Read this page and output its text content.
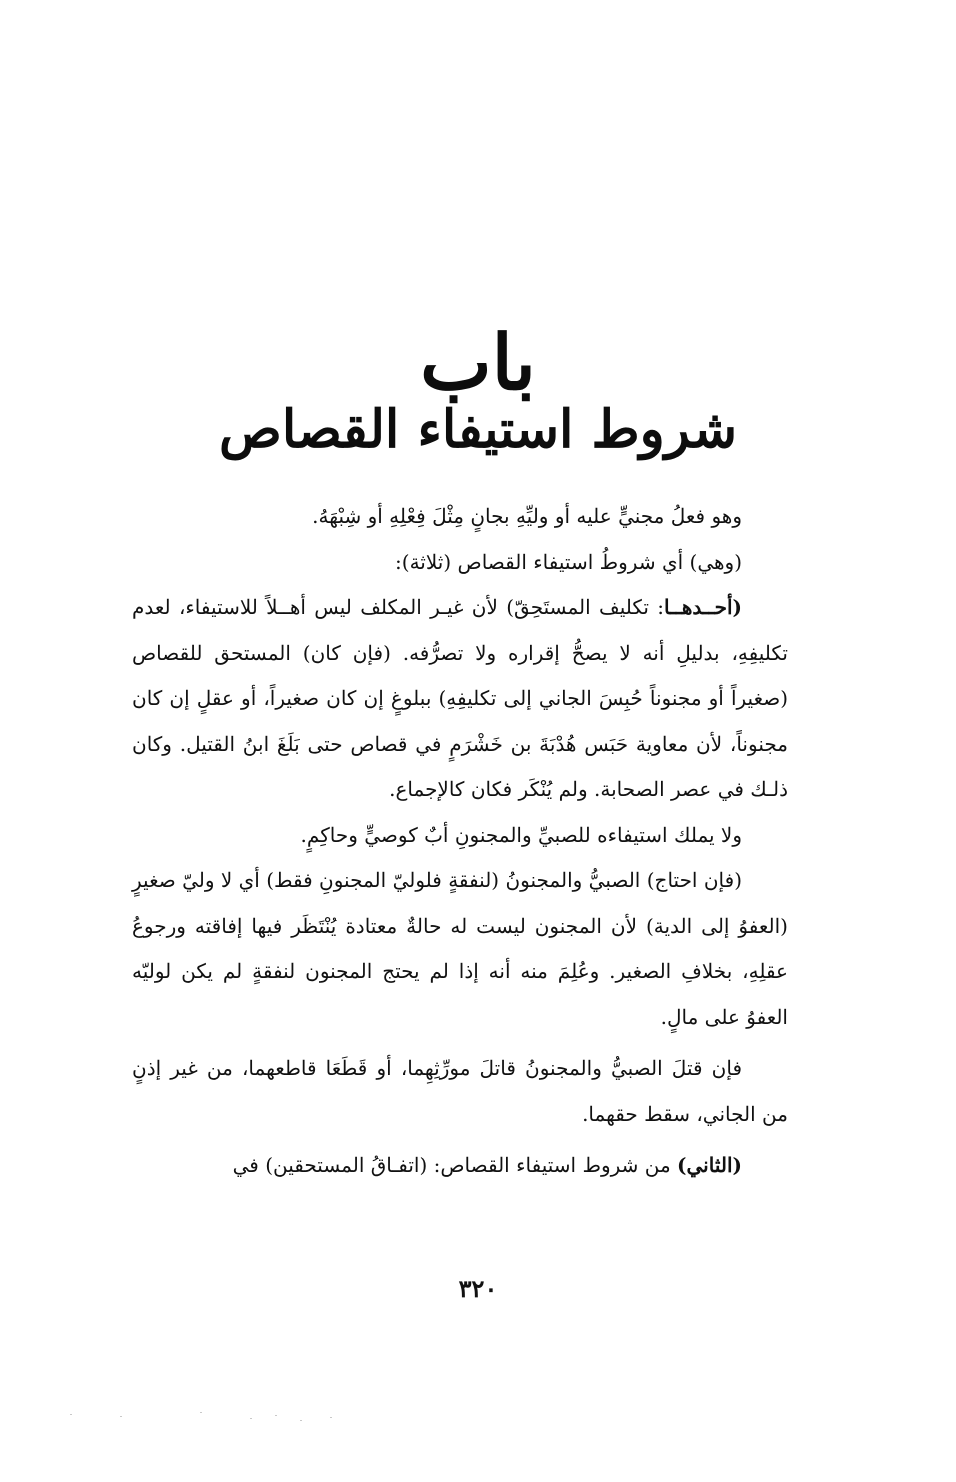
باب
شروط استيفاء القصاص

وهو فعلُ مجنيٍّ عليه أو وليِّهِ بجانٍ مِثْلَ فِعْلِهِ أو شِبْهَهُ.

(وهي) أي شروطُ استيفاء القصاص (ثلاثة):

(أحــدهــا: تكليف المستَحِقّ) لأن غيـر المكلف ليس أهــلاً للاستيفاء، لعدم تكليفِهِ، بدليلِ أنه لا يصحُّ إقراره ولا تصرُّفه. (فإن كان) المستحق للقصاص (صغيراً أو مجنوناً حُبِسَ الجاني إلى تكليفِهِ) ببلوغٍ إن كان صغيراً، أو عقلٍ إن كان مجنوناً، لأن معاوية حَبَس هُدْبَةَ بن خَشْرَمٍ في قصاص حتى بَلَغَ ابنُ القتيل. وكان ذلـك في عصر الصحابة. ولم يُنْكَر فكان كالإجماع.

ولا يملك استيفاءه للصبيِّ والمجنونِ أبٌ كوصيٍّ وحاكِمٍ.

(فإن احتاج) الصبيُّ والمجنونُ (لنفقةٍ فلوليّ المجنونِ فقط) أي لا وليّ صغيرٍ (العفوُ إلى الدية) لأن المجنون ليست له حالةٌ معتادة يُنْتَظَر فيها إفاقته ورجوعُ عقلِهِ، بخلافِ الصغير. وعُلِمَ منه أنه إذا لم يحتج المجنون لنفقةٍ لم يكن لوليّه العفوُ على مالٍ.

فإن قتلَ الصبيُّ والمجنونُ قاتلَ مورِّثِهِما، أو قَطَعَا قاطعهما، من غير إذنٍ من الجاني، سقط حقهما.

(الثاني) من شروط استيفاء القصاص: (اتفـاقُ المستحقين) في

٣٢٠
